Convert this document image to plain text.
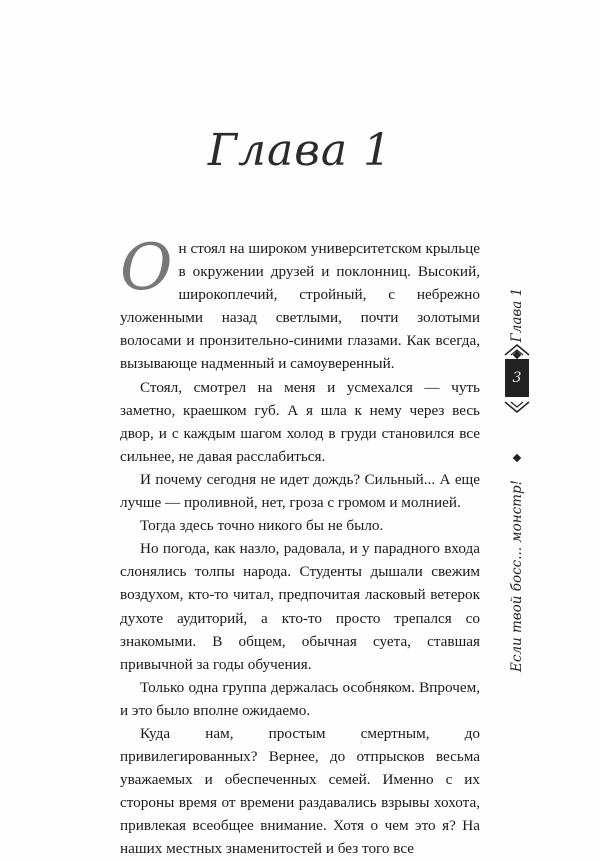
Глава 1

Он стоял на широком университетском крыльце в окружении друзей и поклонниц. Высокий, широкоплечий, стройный, с небрежно уложенными назад светлыми, почти золотыми волосами и пронзительно-синими глазами. Как всегда, вызывающе надменный и самоуверенный.

Стоял, смотрел на меня и усмехался — чуть заметно, краешком губ. А я шла к нему через весь двор, и с каждым шагом холод в груди становился все сильнее, не давая расслабиться.

И почему сегодня не идет дождь? Сильный... А еще лучше — проливной, нет, гроза с громом и молнией.

Тогда здесь точно никого бы не было.

Но погода, как назло, радовала, и у парадного входа слонялись толпы народа. Студенты дышали свежим воздухом, кто-то читал, предпочитая ласковый ветерок духоте аудиторий, а кто-то просто трепался со знакомыми. В общем, обычная суета, ставшая привычной за годы обучения.

Только одна группа держалась особняком. Впрочем, и это было вполне ожидаемо.

Куда нам, простым смертным, до привилегированных? Вернее, до отпрысков весьма уважаемых и обеспеченных семей. Именно с их стороны время от времени раздавались взрывы хохота, привлекая всеобщее внимание. Хотя о чем это я? На наших местных знаменитостей и без того все

Глава 1
3
Если твой босс... монстр!
